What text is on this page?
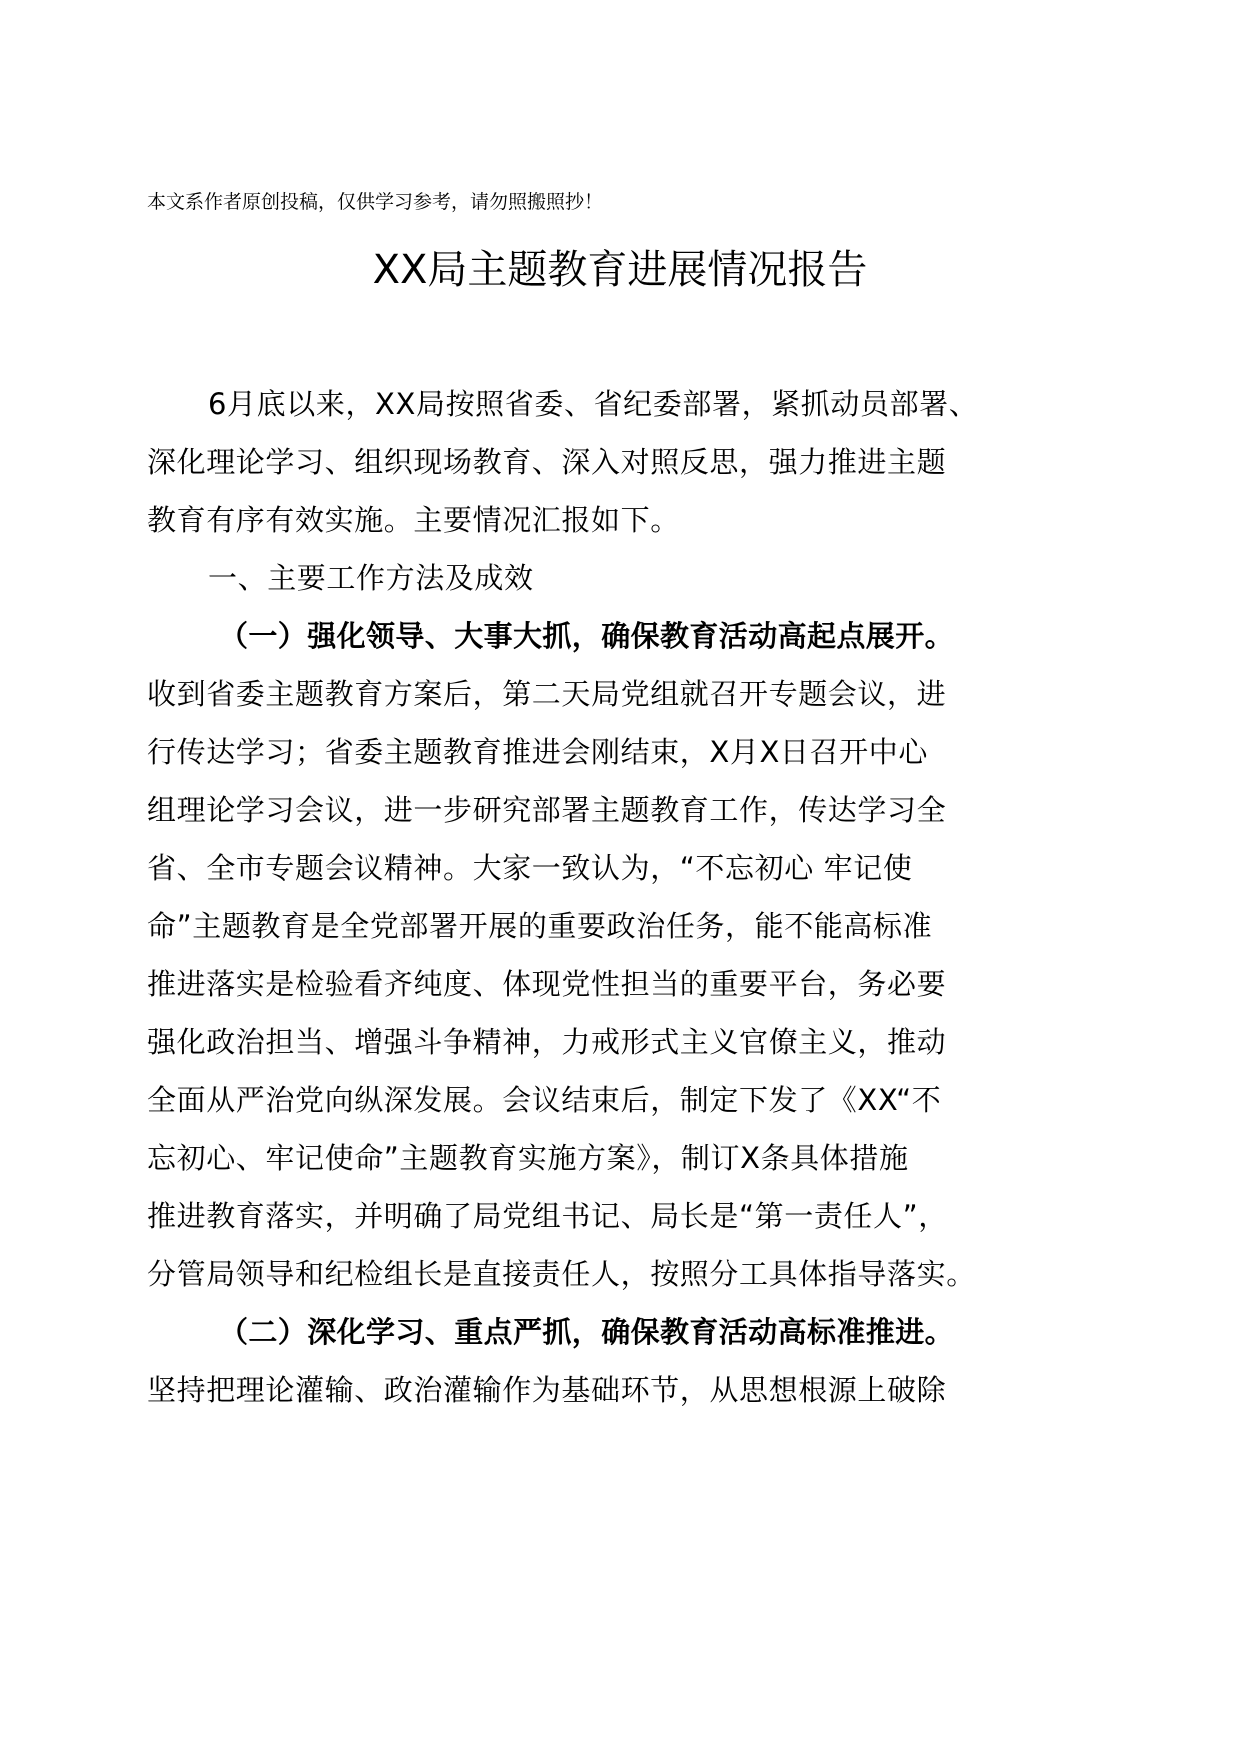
本文系作者原创投稿，仅供学习参考，请勿照搬照抄！
XX局主题教育进展情况报告
6月底以来，XX局按照省委、省纪委部署，紧抓动员部署、
深化理论学习、组织现场教育、深入对照反思，强力推进主题
教育有序有效实施。主要情况汇报如下。
一、主要工作方法及成效
（一）强化领导、大事大抓，确保教育活动高起点展开。
收到省委主题教育方案后，第二天局党组就召开专题会议，进
行传达学习；省委主题教育推进会刚结束，X月X日召开中心
组理论学习会议，进一步研究部署主题教育工作，传达学习全
省、全市专题会议精神。大家一致认为，“不忘初心 牢记使
命”主题教育是全党部署开展的重要政治任务，能不能高标准
推进落实是检验看齐纯度、体现党性担当的重要平台，务必要
强化政治担当、增强斗争精神，力戒形式主义官僚主义，推动
全面从严治党向纵深发展。会议结束后，制定下发了《XX“不
忘初心、牢记使命”主题教育实施方案》，制订X条具体措施
推进教育落实，并明确了局党组书记、局长是“第一责任人”，
分管局领导和纪检组长是直接责任人，按照分工具体指导落实。
（二）深化学习、重点严抓，确保教育活动高标准推进。
坚持把理论灌输、政治灌输作为基础环节，从思想根源上破除
